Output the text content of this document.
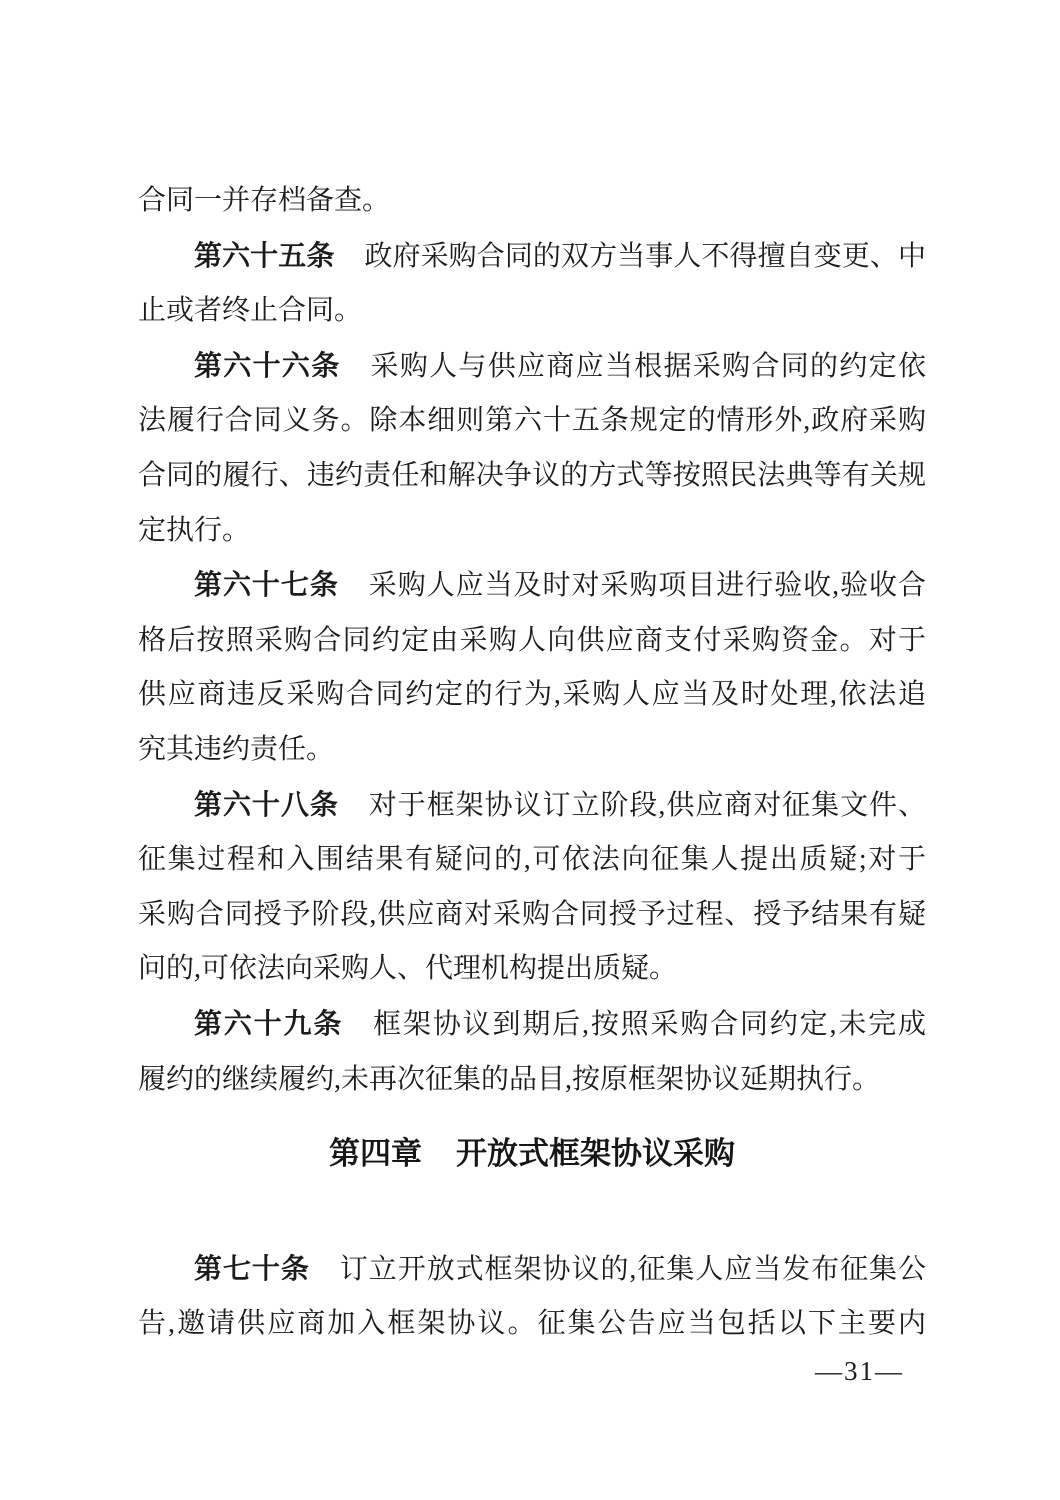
合同一并存档备查。
第六十五条 政府采购合同的双方当事人不得擅自变更、中
止或者终止合同。
第六十六条 采购人与供应商应当根据采购合同的约定依
法履行合同义务。除本细则第六十五条规定的情形外,政府采购
合同的履行、违约责任和解决争议的方式等按照民法典等有关规
定执行。
第六十七条 采购人应当及时对采购项目进行验收,验收合
格后按照采购合同约定由采购人向供应商支付采购资金。对于
供应商违反采购合同约定的行为,采购人应当及时处理,依法追
究其违约责任。
第六十八条 对于框架协议订立阶段,供应商对征集文件、
征集过程和入围结果有疑问的,可依法向征集人提出质疑;对于
采购合同授予阶段,供应商对采购合同授予过程、授予结果有疑
问的,可依法向采购人、代理机构提出质疑。
第六十九条 框架协议到期后,按照采购合同约定,未完成
履约的继续履约,未再次征集的品目,按原框架协议延期执行。
第四章 开放式框架协议采购
第七十条 订立开放式框架协议的,征集人应当发布征集公
告,邀请供应商加入框架协议。征集公告应当包括以下主要内
—31—
